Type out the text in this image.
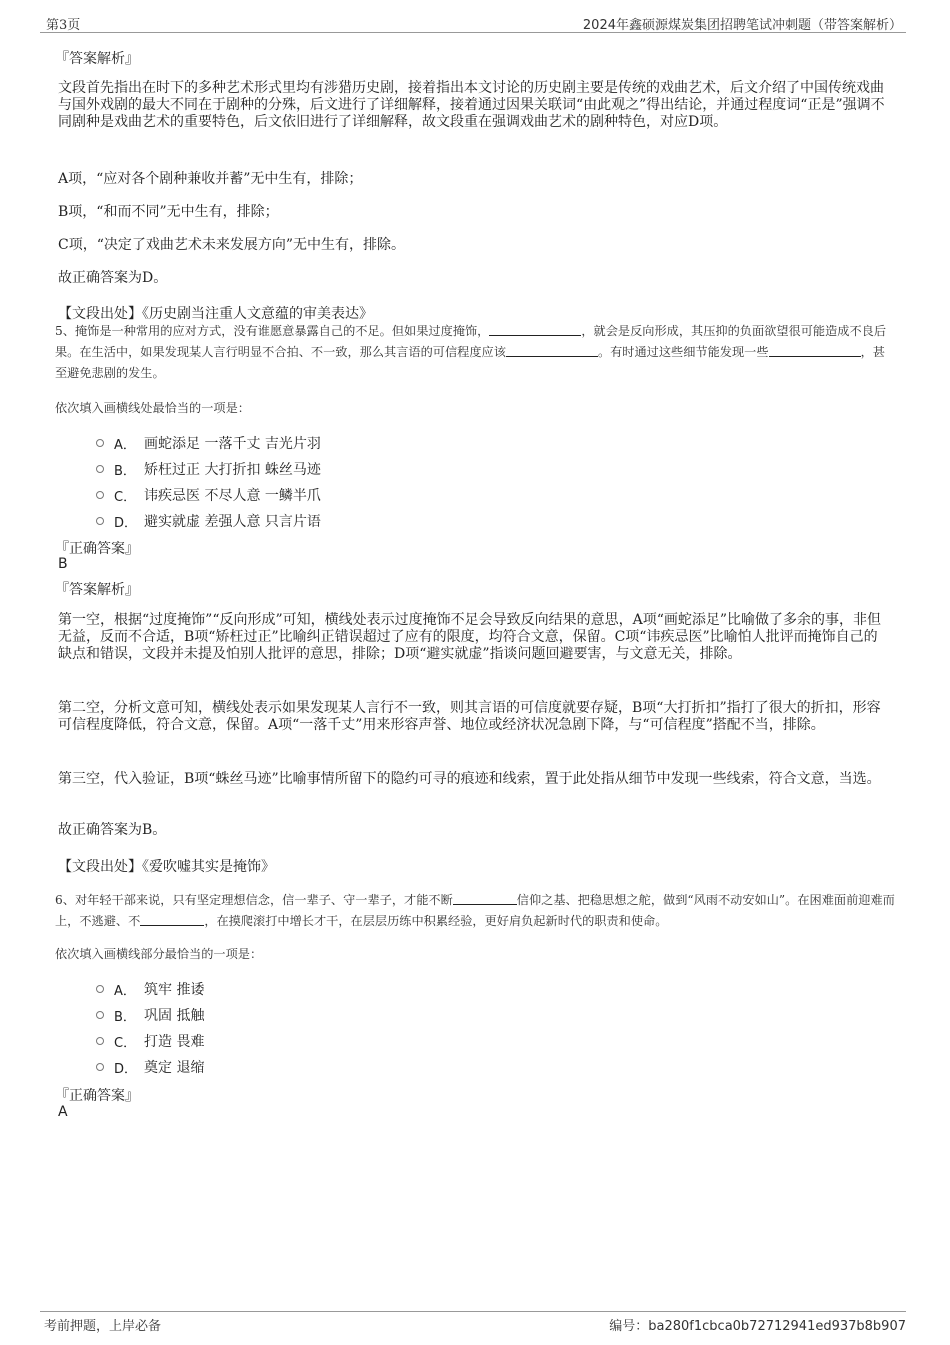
第3页	2024年鑫硕源煤炭集团招聘笔试冲刺题（带答案解析）
『答案解析』
文段首先指出在时下的多种艺术形式里均有涉猎历史剧，接着指出本文讨论的历史剧主要是传统的戏曲艺术，后文介绍了中国传统戏曲与国外戏剧的最大不同在于剧种的分殊，后文进行了详细解释，接着通过因果关联词“由此观之”得出结论，并通过程度词“正是”强调不同剧种是戏曲艺术的重要特色，后文依旧进行了详细解释，故文段重在强调戏曲艺术的剧种特色，对应D项。
A项，“应对各个剧种兼收并蓄”无中生有，排除；
B项，“和而不同”无中生有，排除；
C项，“决定了戏曲艺术未来发展方向”无中生有，排除。
故正确答案为D。
【文段出处】《历史剧当注重人文意蕴的审美表达》
5、掩饰是一种常用的应对方式，没有谁愿意暴露自己的不足。但如果过度掩饰，	，就会是反向形成，其压抑的负面欲望很可能造成不良后果。在生活中，如果发现某人言行明显不合拍、不一致，那么其言语的可信程度应该	。有时通过这些细节能发现一些	，甚至避免悲剧的发生。
依次填入画横线处最恰当的一项是：
A． 画蛇添足 一落千丈 吉光片羽
B． 矫枉过正 大打折扣 蛛丝马迹
C． 讳疾忌医 不尽人意 一鳞半爪
D． 避实就虚 差强人意 只言片语
『正确答案』
B
『答案解析』
第一空，根据“过度掩饰”“反向形成”可知，横线处表示过度掩饰不足会导致反向结果的意思，A项“画蛇添足”比喻做了多余的事，非但无益，反而不合适，B项“矫枉过正”比喻纠正错误超过了应有的限度，均符合文意，保留。C项“讳疾忌医”比喻怕人批评而掩饰自己的缺点和错误，文段并未提及怕别人批评的意思，排除；D项“避实就虚”指谈问题回避要害，与文意无关，排除。
第二空，分析文意可知，横线处表示如果发现某人言行不一致，则其言语的可信度就要存疑，B项“大打折扣”指打了很大的折扣，形容可信程度降低，符合文意，保留。A项“一落千丈”用来形容声誉、地位或经济状况急剧下降，与“可信程度”搭配不当，排除。
第三空，代入验证，B项“蛛丝马迹”比喻事情所留下的隐约可寻的痕迹和线索，置于此处指从细节中发现一些线索，符合文意，当选。
故正确答案为B。
【文段出处】《爱吹嘘其实是掩饰》
6、对年轻干部来说，只有坚定理想信念，信一辈子、守一辈子，才能不断	信仰之基、把稳思想之舵，做到“风雨不动安如山”。在困难面前迎难而上，不逃避、不	，在摸爬滚打中增长才干，在层层历练中积累经验，更好肩负起新时代的职责和使命。
依次填入画横线部分最恰当的一项是：
A． 筑牢 推诿
B． 巩固 抵触
C． 打造 畏难
D． 奠定 退缩
『正确答案』
A
考前押题，上岸必备	编号：ba280f1cbca0b72712941ed937b8b907
